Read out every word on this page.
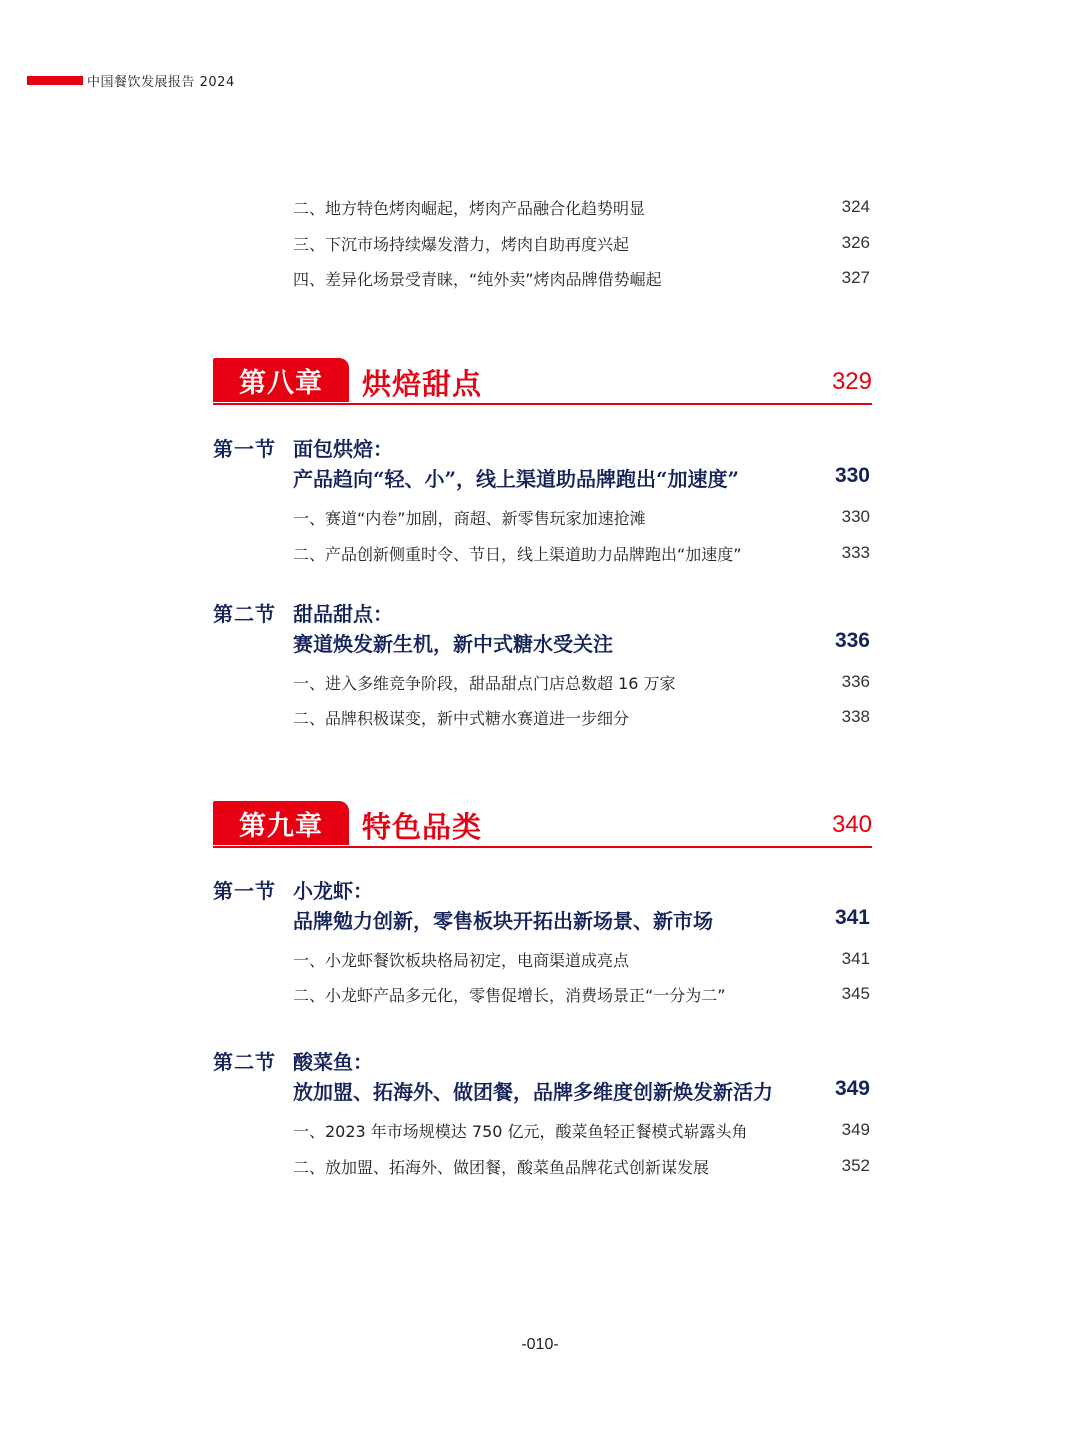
中国餐饮发展报告 2024
二、地方特色烤肉崛起，烤肉产品融合化趋势明显	324
三、下沉市场持续爆发潜力，烤肉自助再度兴起	326
四、差异化场景受青睐，“纯外卖”烤肉品牌借势崛起	327
第八章	烘焙甜点	329
第一节 面包烘焙：
产品趋向“轻、小”，线上渠道助品牌跑出“加速度”	330
一、赛道“内卷”加剧，商超、新零售玩家加速抢滩	330
二、产品创新侧重时令、节日，线上渠道助力品牌跑出“加速度”	333
第二节 甜品甜点：
赛道焕发新生机，新中式糖水受关注	336
一、进入多维竞争阶段，甜品甜点门店总数超 16 万家	336
二、品牌积极谋变，新中式糖水赛道进一步细分	338
第九章	特色品类	340
第一节 小龙虾：
品牌勉力创新，零售板块开拓出新场景、新市场	341
一、小龙虾餐饮板块格局初定，电商渠道成亮点	341
二、小龙虾产品多元化，零售促增长，消费场景正“一分为二”	345
第二节 酸菜鱼：
放加盟、拓海外、做团餐，品牌多维度创新焕发新活力	349
一、2023 年市场规模达 750 亿元，酸菜鱼轻正餐模式崭露头角	349
二、放加盟、拓海外、做团餐，酸菜鱼品牌花式创新谋发展	352
-010-
